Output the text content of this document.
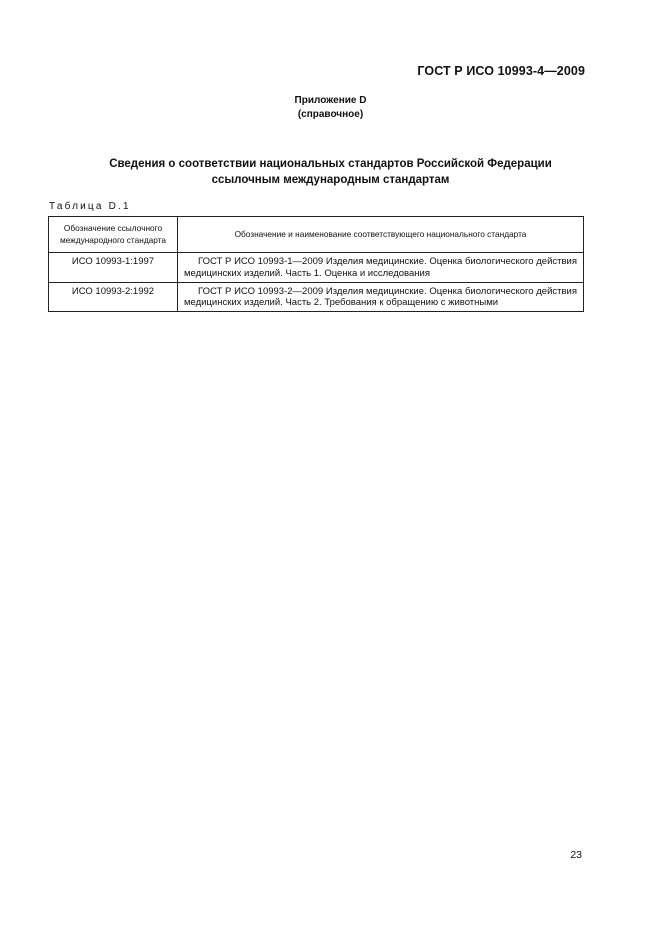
ГОСТ Р ИСО 10993-4—2009
Приложение D
(справочное)
Сведения о соответствии национальных стандартов Российской Федерации
ссылочным международным стандартам
Таблица D.1
Обозначение ссылочного международного стандарта	Обозначение и наименование соответствующего национального стандарта
ИСО 10993-1:1997	ГОСТ Р ИСО 10993-1—2009 Изделия медицинские. Оценка биологического действия медицинских изделий. Часть 1. Оценка и исследования
ИСО 10993-2:1992	ГОСТ Р ИСО 10993-2—2009 Изделия медицинские. Оценка биологического действия медицинских изделий. Часть 2. Требования к обращению с животными
23
